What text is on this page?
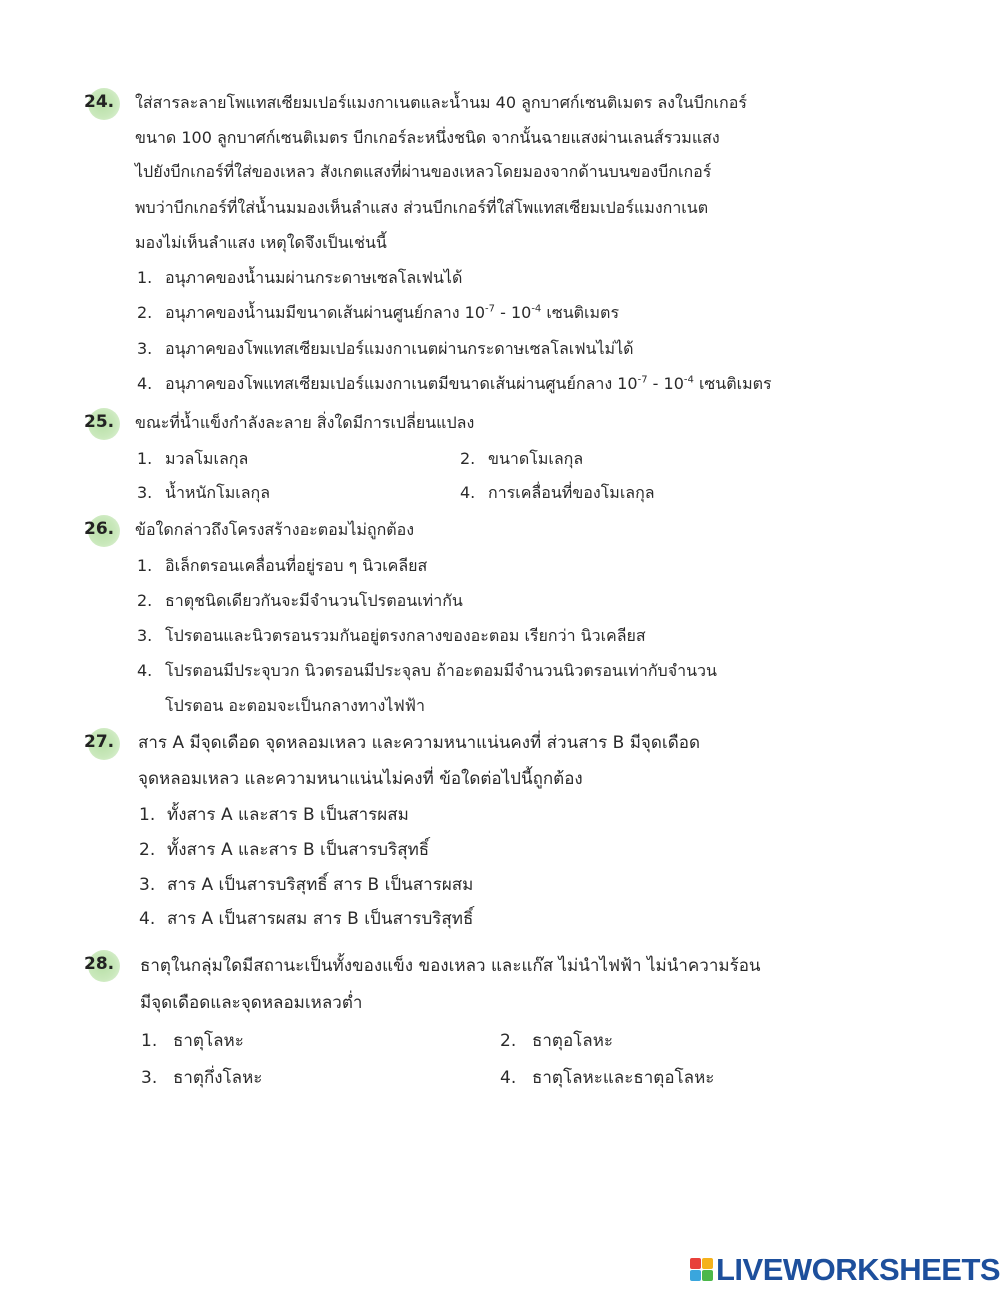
24. ใส่สารละลายโพแทสเซียมเปอร์แมงกาเนตและน้ำนม 40 ลูกบาศก์เซนติเมตร ลงในบีกเกอร์
ขนาด 100 ลูกบาศก์เซนติเมตร บีกเกอร์ละหนึ่งชนิด จากนั้นฉายแสงผ่านเลนส์รวมแสง
ไปยังบีกเกอร์ที่ใส่ของเหลว สังเกตแสงที่ผ่านของเหลวโดยมองจากด้านบนของบีกเกอร์
พบว่าบีกเกอร์ที่ใส่น้ำนมมองเห็นลำแสง ส่วนบีกเกอร์ที่ใส่โพแทสเซียมเปอร์แมงกาเนต
มองไม่เห็นลำแสง เหตุใดจึงเป็นเช่นนี้
1. อนุภาคของน้ำนมผ่านกระดาษเซลโลเฟนได้
2. อนุภาคของน้ำนมมีขนาดเส้นผ่านศูนย์กลาง $10^{-7} - 10^{-4}$ เซนติเมตร
3. อนุภาคของโพแทสเซียมเปอร์แมงกาเนตผ่านกระดาษเซลโลเฟนไม่ได้
4. อนุภาคของโพแทสเซียมเปอร์แมงกาเนตมีขนาดเส้นผ่านศูนย์กลาง $10^{-7} - 10^{-4}$ เซนติเมตร
25. ขณะที่น้ำแข็งกำลังละลาย สิ่งใดมีการเปลี่ยนแปลง
1. มวลโมเลกุล	2. ขนาดโมเลกุล
3. น้ำหนักโมเลกุล	4. การเคลื่อนที่ของโมเลกุล
26. ข้อใดกล่าวถึงโครงสร้างอะตอมไม่ถูกต้อง
1. อิเล็กตรอนเคลื่อนที่อยู่รอบ ๆ นิวเคลียส
2. ธาตุชนิดเดียวกันจะมีจำนวนโปรตอนเท่ากัน
3. โปรตอนและนิวตรอนรวมกันอยู่ตรงกลางของอะตอม เรียกว่า นิวเคลียส
4. โปรตอนมีประจุบวก นิวตรอนมีประจุลบ ถ้าอะตอมมีจำนวนนิวตรอนเท่ากับจำนวน
โปรตอน อะตอมจะเป็นกลางทางไฟฟ้า
27. สาร A มีจุดเดือด จุดหลอมเหลว และความหนาแน่นคงที่ ส่วนสาร B มีจุดเดือด
จุดหลอมเหลว และความหนาแน่นไม่คงที่ ข้อใดต่อไปนี้ถูกต้อง
1. ทั้งสาร A และสาร B เป็นสารผสม
2. ทั้งสาร A และสาร B เป็นสารบริสุทธิ์
3. สาร A เป็นสารบริสุทธิ์ สาร B เป็นสารผสม
4. สาร A เป็นสารผสม สาร B เป็นสารบริสุทธิ์
28. ธาตุในกลุ่มใดมีสถานะเป็นทั้งของแข็ง ของเหลว และแก๊ส ไม่นำไฟฟ้า ไม่นำความร้อน
มีจุดเดือดและจุดหลอมเหลวต่ำ
1. ธาตุโลหะ	2. ธาตุอโลหะ
3. ธาตุกึ่งโลหะ	4. ธาตุโลหะและธาตุอโลหะ
LIVEWORKSHEETS
